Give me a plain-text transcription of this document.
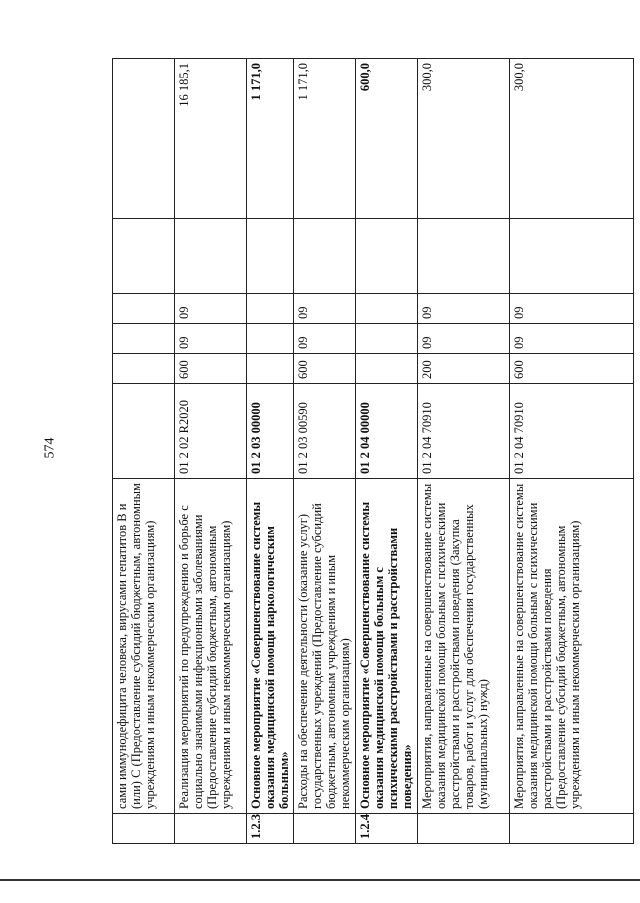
574
	сами иммунодефицита человека, вирусами гепатитов В и (или) С (Предоставление субсидий бюджетным, автономным учреждениям и иным некоммерческим организациям)						
	Реализация мероприятий по предупреждению и борьбе с социально значимыми инфекционными заболеваниями (Предоставление субсидий бюджетным, автономным учреждениям и иным некоммерческим организациям)	01 2 02 R2020	600	09	09		16 185,1
1.2.3	Основное мероприятие «Совершенствование системы оказания медицинской помощи наркологическим больным»	01 2 03 00000					1 171,0
	Расходы на обеспечение деятельности (оказание услуг) государственных учреждений (Предоставление субсидий бюджетным, автономным учреждениям и иным некоммерческим организациям)	01 2 03 00590	600	09	09		1 171,0
1.2.4	Основное мероприятие «Совершенствование системы оказания медицинской помощи больным с психическими расстройствами и расстройствами поведения»	01 2 04 00000					600,0
	Мероприятия, направленные на совершенствование системы оказания медицинской помощи больным с психическими расстройствами и расстройствами поведения (Закупка товаров, работ и услуг для обеспечения государственных (муниципальных) нужд)	01 2 04 70910	200	09	09		300,0
	Мероприятия, направленные на совершенствование системы оказания медицинской помощи больным с психическими расстройствами и расстройствами поведения (Предоставление субсидий бюджетным, автономным учреждениям и иным некоммерческим организациям)	01 2 04 70910	600	09	09		300,0
